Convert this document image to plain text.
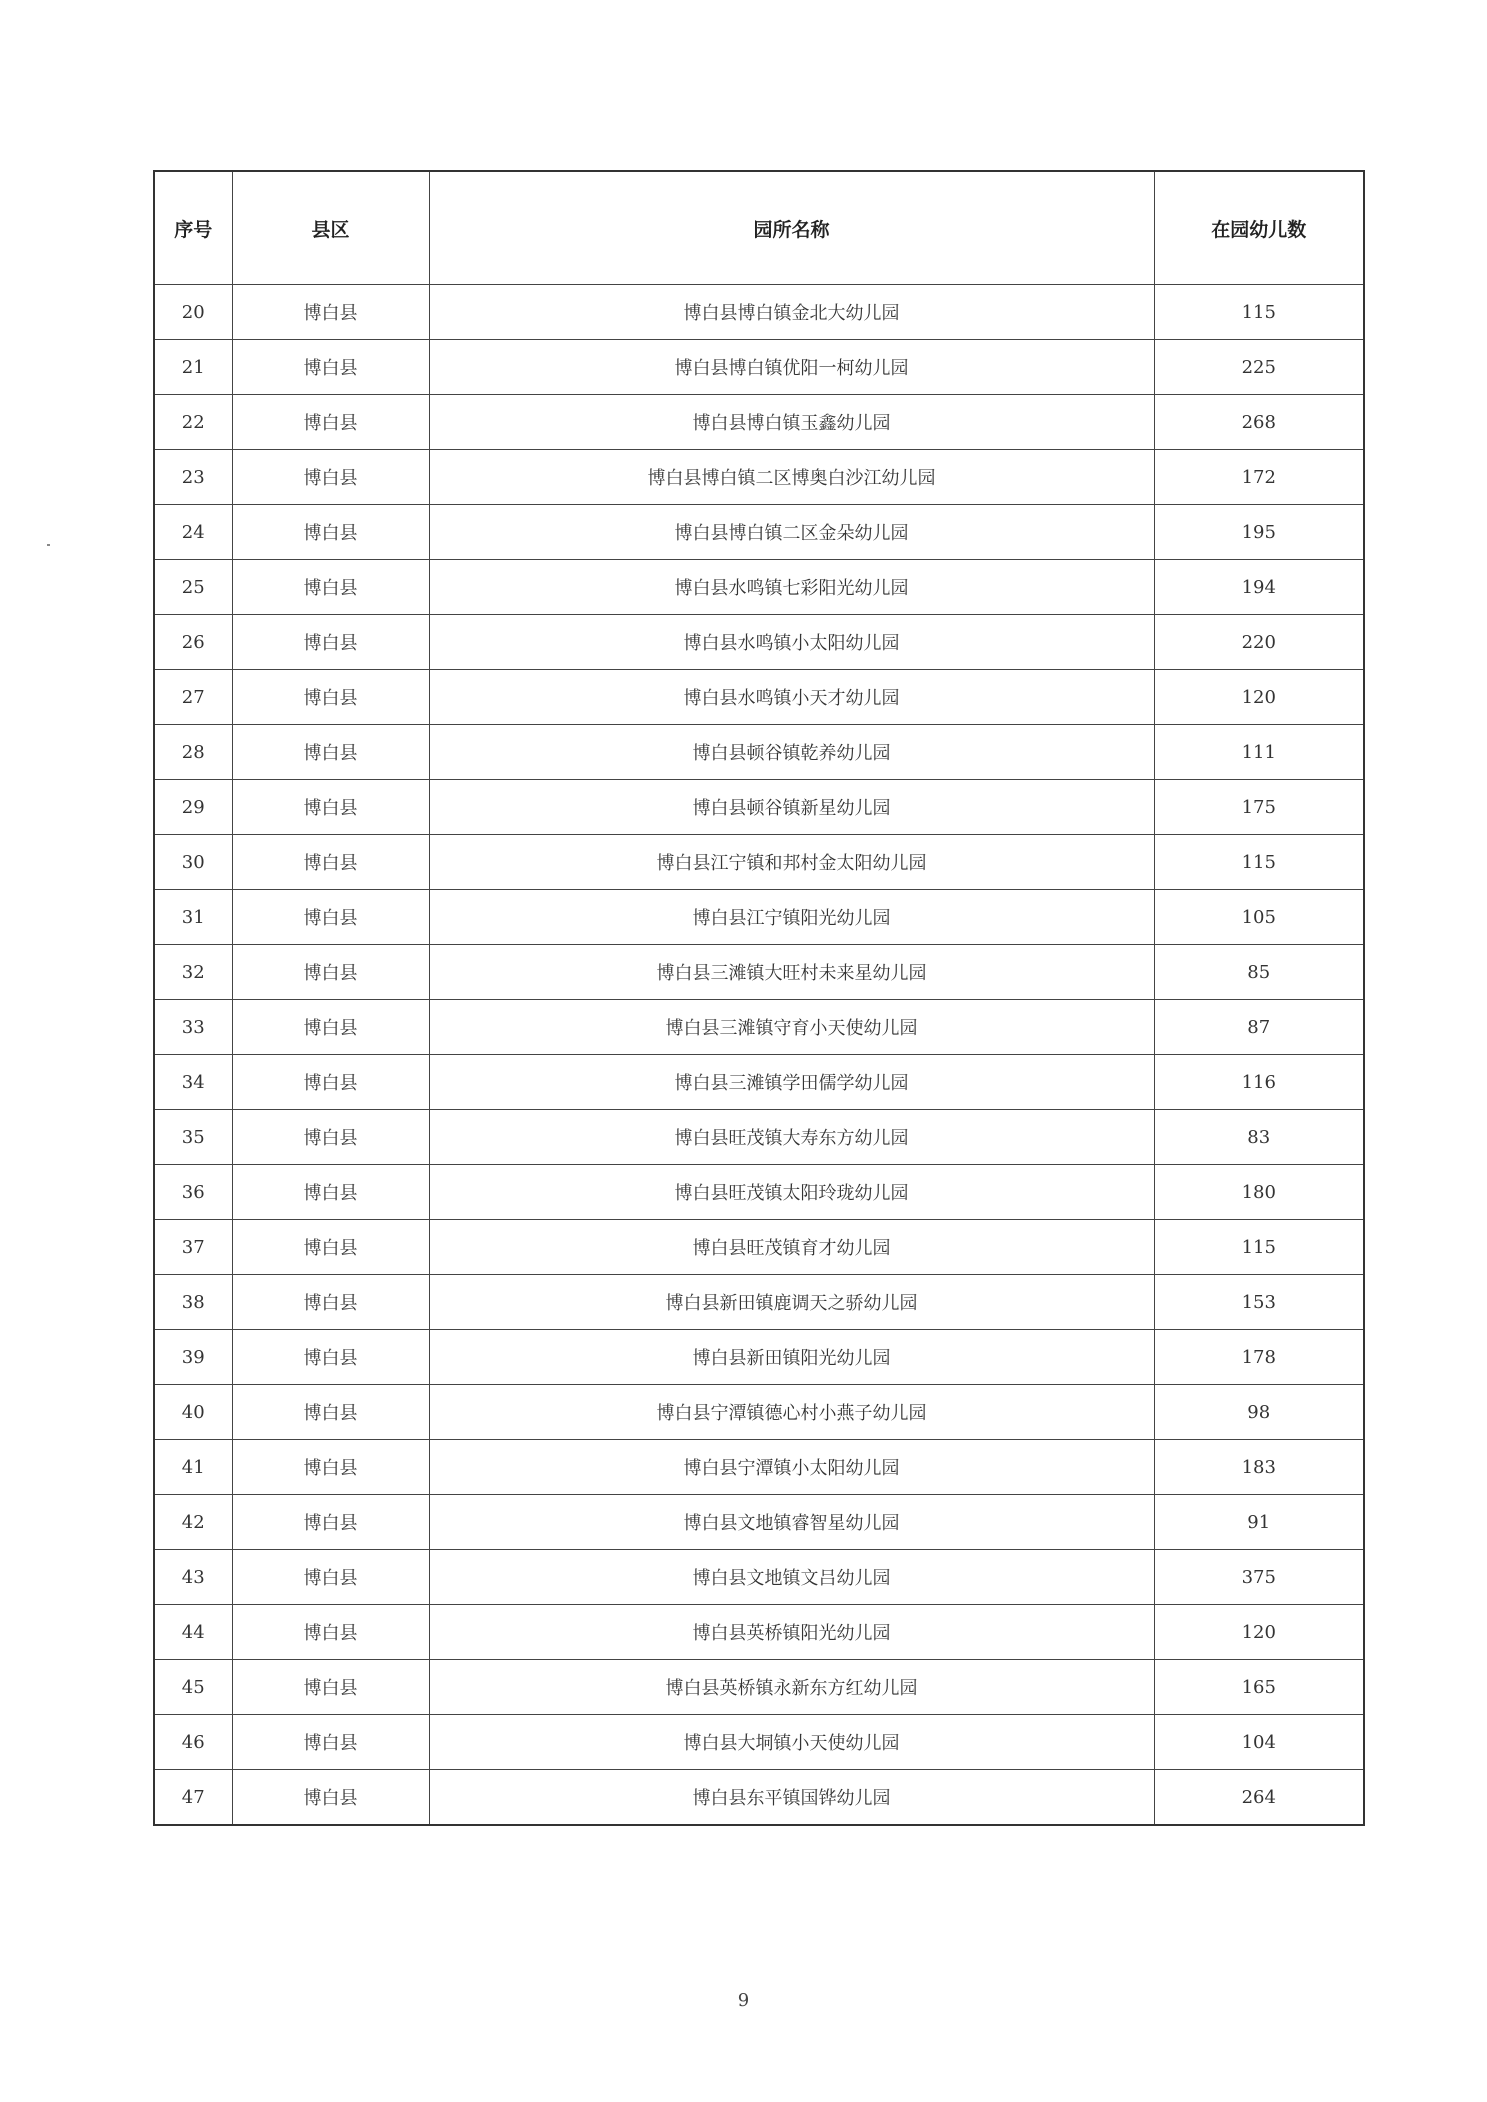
序号	县区	园所名称	在园幼儿数
20	博白县	博白县博白镇金北大幼儿园	115
21	博白县	博白县博白镇优阳一柯幼儿园	225
22	博白县	博白县博白镇玉鑫幼儿园	268
23	博白县	博白县博白镇二区博奥白沙江幼儿园	172
24	博白县	博白县博白镇二区金朵幼儿园	195
25	博白县	博白县水鸣镇七彩阳光幼儿园	194
26	博白县	博白县水鸣镇小太阳幼儿园	220
27	博白县	博白县水鸣镇小天才幼儿园	120
28	博白县	博白县顿谷镇乾养幼儿园	111
29	博白县	博白县顿谷镇新星幼儿园	175
30	博白县	博白县江宁镇和邦村金太阳幼儿园	115
31	博白县	博白县江宁镇阳光幼儿园	105
32	博白县	博白县三滩镇大旺村未来星幼儿园	85
33	博白县	博白县三滩镇守育小天使幼儿园	87
34	博白县	博白县三滩镇学田儒学幼儿园	116
35	博白县	博白县旺茂镇大寿东方幼儿园	83
36	博白县	博白县旺茂镇太阳玲珑幼儿园	180
37	博白县	博白县旺茂镇育才幼儿园	115
38	博白县	博白县新田镇鹿调天之骄幼儿园	153
39	博白县	博白县新田镇阳光幼儿园	178
40	博白县	博白县宁潭镇德心村小燕子幼儿园	98
41	博白县	博白县宁潭镇小太阳幼儿园	183
42	博白县	博白县文地镇睿智星幼儿园	91
43	博白县	博白县文地镇文吕幼儿园	375
44	博白县	博白县英桥镇阳光幼儿园	120
45	博白县	博白县英桥镇永新东方红幼儿园	165
46	博白县	博白县大垌镇小天使幼儿园	104
47	博白县	博白县东平镇国铧幼儿园	264
9
